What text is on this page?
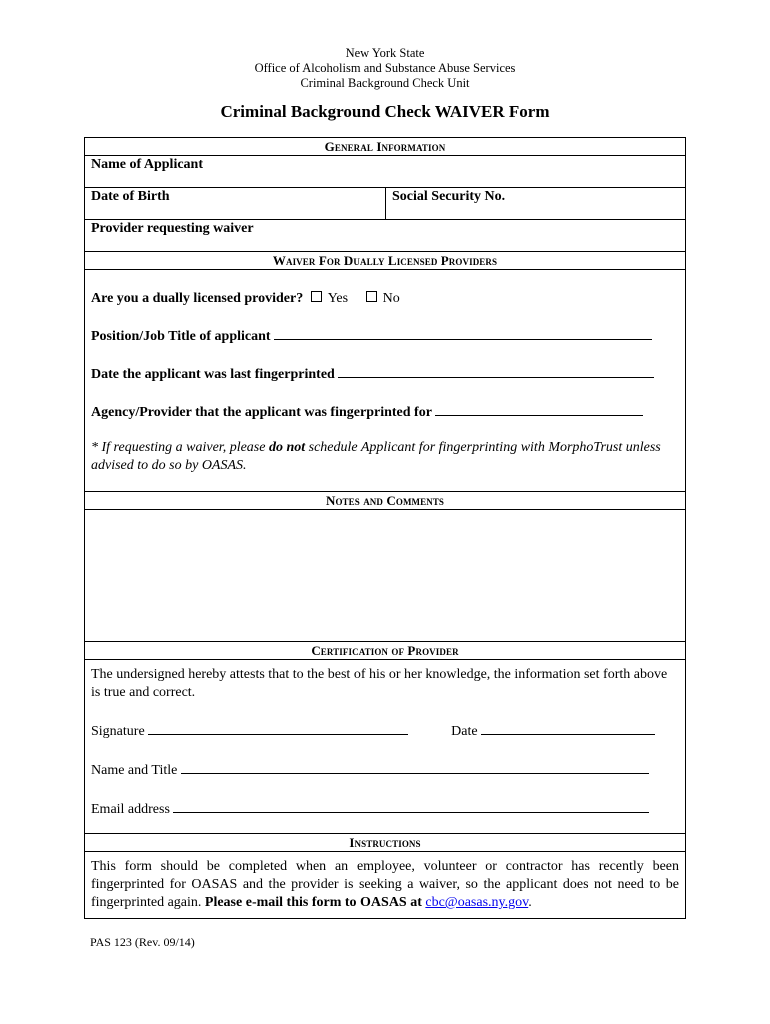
New York State
Office of Alcoholism and Substance Abuse Services
Criminal Background Check Unit
Criminal Background Check WAIVER Form
General Information
Name of Applicant
Date of Birth	Social Security No.
Provider requesting waiver
Waiver For Dually Licensed Providers
Are you a dually licensed provider? Yes No
Position/Job Title of applicant
Date the applicant was last fingerprinted
Agency/Provider that the applicant was fingerprinted for
* If requesting a waiver, please do not schedule Applicant for fingerprinting with MorphoTrust unless advised to do so by OASAS.
Notes and Comments
Certification of Provider
The undersigned hereby attests that to the best of his or her knowledge, the information set forth above is true and correct.
Signature	Date
Name and Title
Email address
Instructions
This form should be completed when an employee, volunteer or contractor has recently been fingerprinted for OASAS and the provider is seeking a waiver, so the applicant does not need to be fingerprinted again. Please e-mail this form to OASAS at cbc@oasas.ny.gov.
PAS 123 (Rev. 09/14)
